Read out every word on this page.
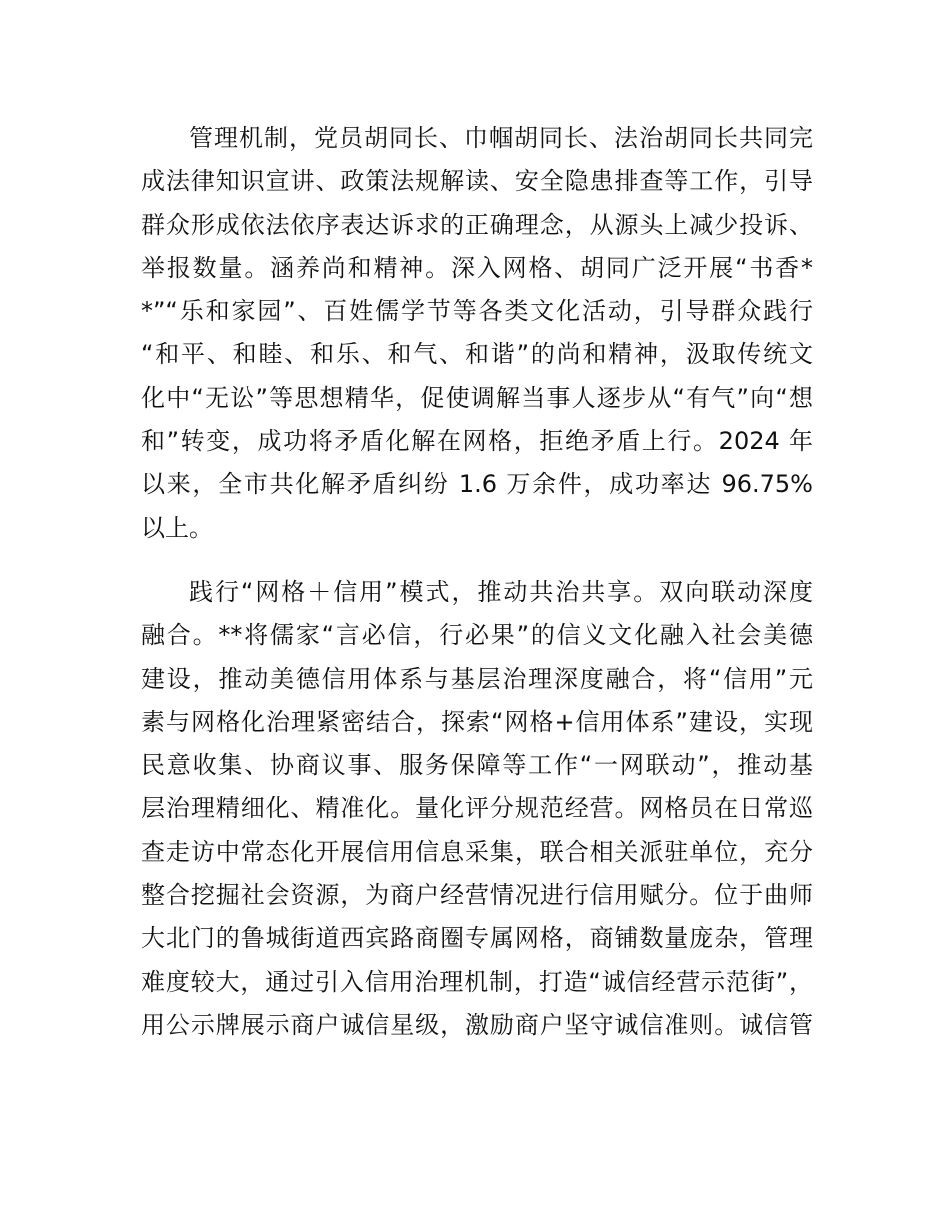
管理机制，党员胡同长、巾帼胡同长、法治胡同长共同完
成法律知识宣讲、政策法规解读、安全隐患排查等工作，引导
群众形成依法依序表达诉求的正确理念，从源头上减少投诉、
举报数量。涵养尚和精神。深入网格、胡同广泛开展“书香*
*”“乐和家园”、百姓儒学节等各类文化活动，引导群众践行
“和平、和睦、和乐、和气、和谐”的尚和精神，汲取传统文
化中“无讼”等思想精华，促使调解当事人逐步从“有气”向“想
和”转变，成功将矛盾化解在网格，拒绝矛盾上行。2024 年
以来，全市共化解矛盾纠纷 1.6 万余件，成功率达 96.75%
以上。
践行“网格＋信用”模式，推动共治共享。双向联动深度
融合。**将儒家“言必信，行必果”的信义文化融入社会美德
建设，推动美德信用体系与基层治理深度融合，将“信用”元
素与网格化治理紧密结合，探索“网格+信用体系”建设，实现
民意收集、协商议事、服务保障等工作“一网联动”，推动基
层治理精细化、精准化。量化评分规范经营。网格员在日常巡
查走访中常态化开展信用信息采集，联合相关派驻单位，充分
整合挖掘社会资源，为商户经营情况进行信用赋分。位于曲师
大北门的鲁城街道西宾路商圈专属网格，商铺数量庞杂，管理
难度较大，通过引入信用治理机制，打造“诚信经营示范街”，
用公示牌展示商户诚信星级，激励商户坚守诚信准则。诚信管
